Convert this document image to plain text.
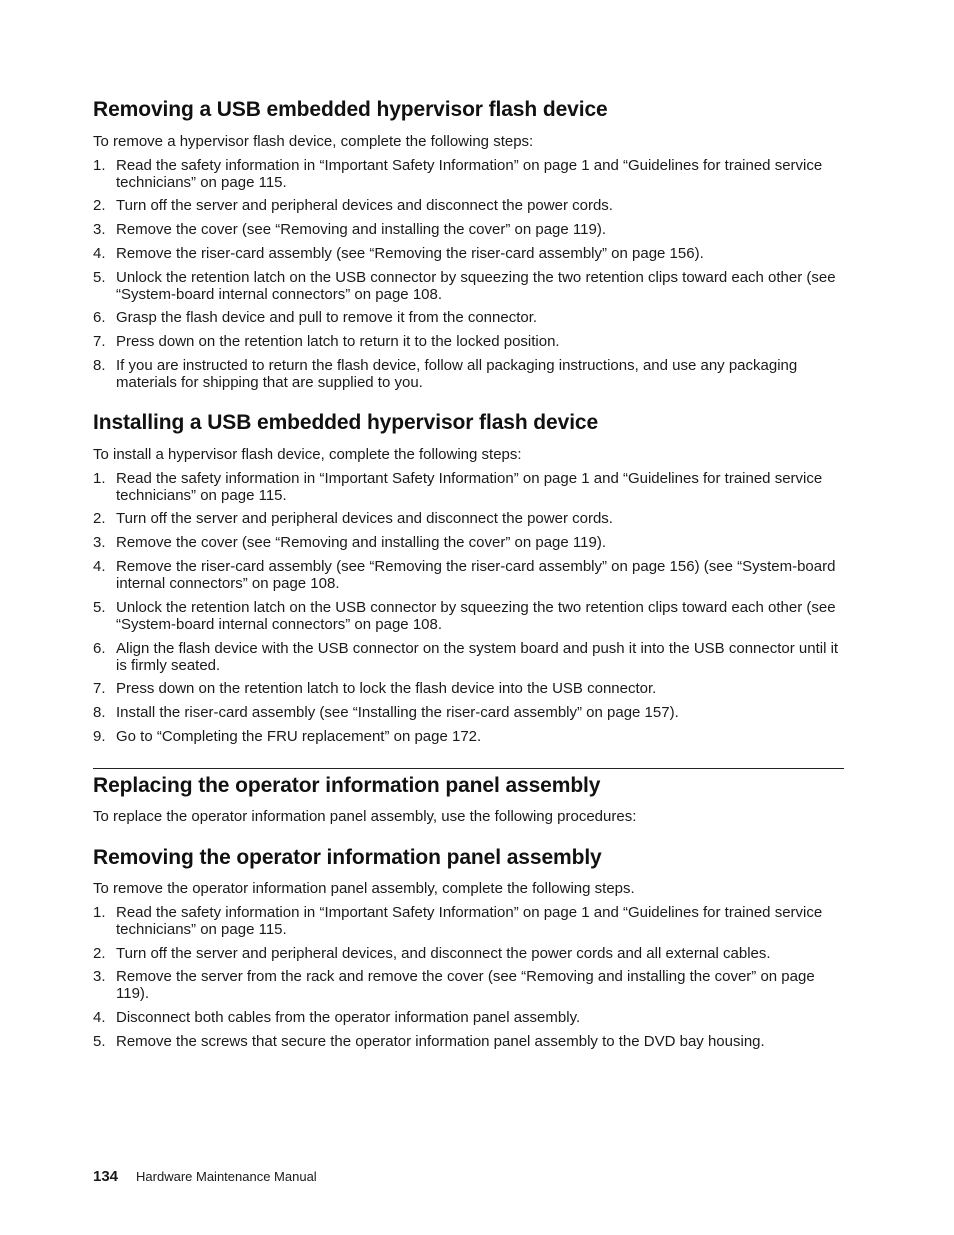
Removing a USB embedded hypervisor flash device

To remove a hypervisor flash device, complete the following steps:

1. Read the safety information in “Important Safety Information” on page 1 and “Guidelines for trained service technicians” on page 115.
2. Turn off the server and peripheral devices and disconnect the power cords.
3. Remove the cover (see “Removing and installing the cover” on page 119).
4. Remove the riser-card assembly (see “Removing the riser-card assembly” on page 156).
5. Unlock the retention latch on the USB connector by squeezing the two retention clips toward each other (see “System-board internal connectors” on page 108.
6. Grasp the flash device and pull to remove it from the connector.
7. Press down on the retention latch to return it to the locked position.
8. If you are instructed to return the flash device, follow all packaging instructions, and use any packaging materials for shipping that are supplied to you.
Installing a USB embedded hypervisor flash device

To install a hypervisor flash device, complete the following steps:

1. Read the safety information in “Important Safety Information” on page 1 and “Guidelines for trained service technicians” on page 115.
2. Turn off the server and peripheral devices and disconnect the power cords.
3. Remove the cover (see “Removing and installing the cover” on page 119).
4. Remove the riser-card assembly (see “Removing the riser-card assembly” on page 156) (see “System-board internal connectors” on page 108.
5. Unlock the retention latch on the USB connector by squeezing the two retention clips toward each other (see “System-board internal connectors” on page 108.
6. Align the flash device with the USB connector on the system board and push it into the USB connector until it is firmly seated.
7. Press down on the retention latch to lock the flash device into the USB connector.
8. Install the riser-card assembly (see “Installing the riser-card assembly” on page 157).
9. Go to “Completing the FRU replacement” on page 172.
Replacing the operator information panel assembly

To replace the operator information panel assembly, use the following procedures:

Removing the operator information panel assembly

To remove the operator information panel assembly, complete the following steps.

1. Read the safety information in “Important Safety Information” on page 1 and “Guidelines for trained service technicians” on page 115.
2. Turn off the server and peripheral devices, and disconnect the power cords and all external cables.
3. Remove the server from the rack and remove the cover (see “Removing and installing the cover” on page 119).
4. Disconnect both cables from the operator information panel assembly.
5. Remove the screws that secure the operator information panel assembly to the DVD bay housing.
134 Hardware Maintenance Manual
